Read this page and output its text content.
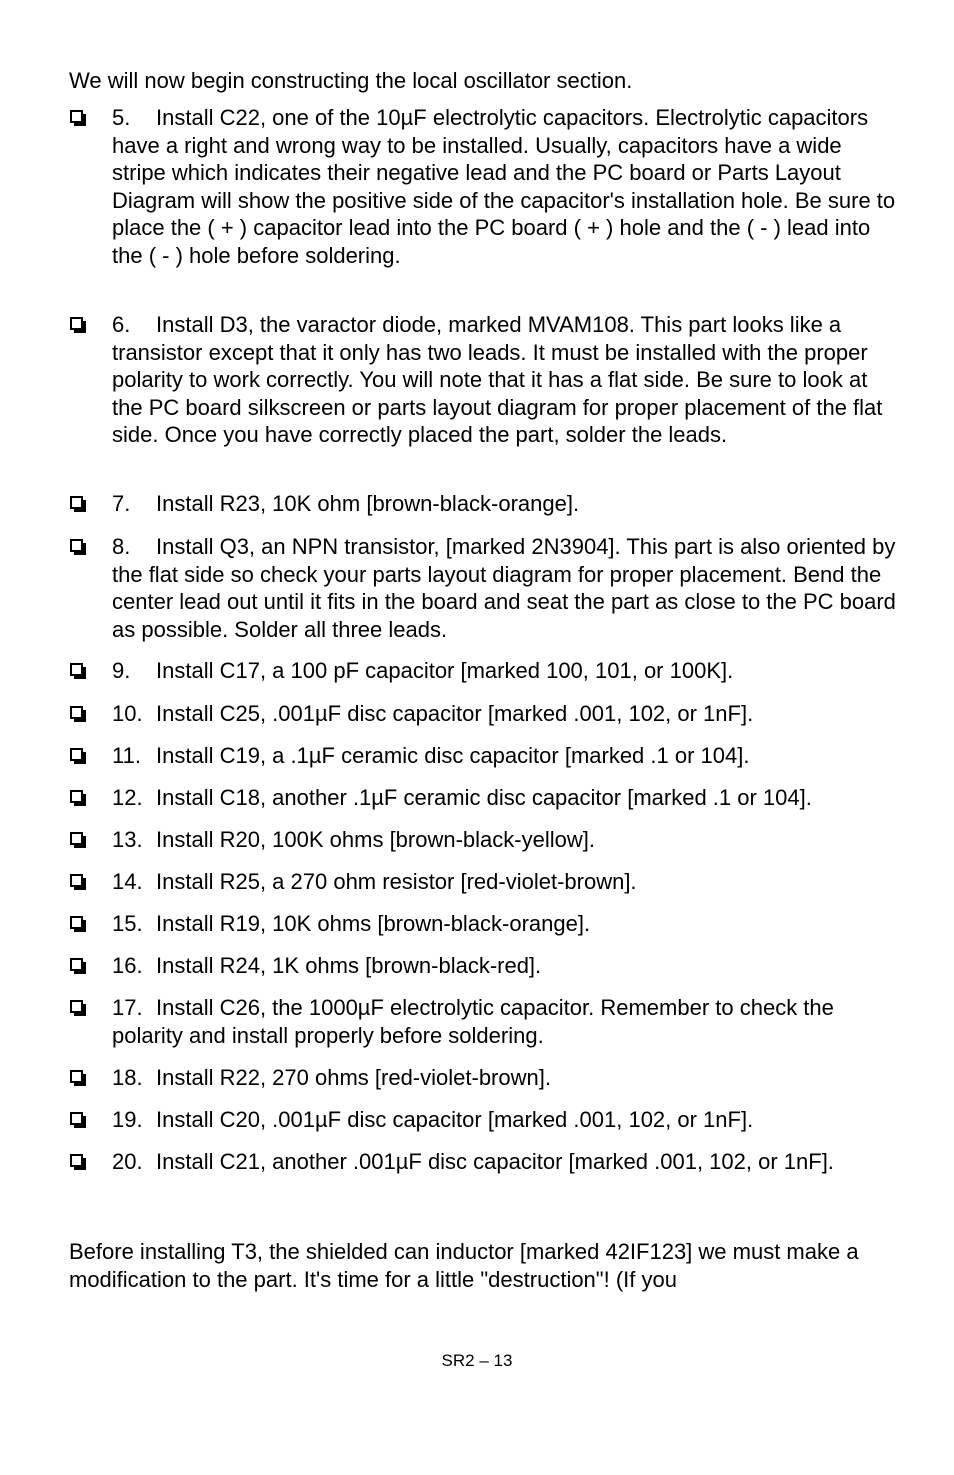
We will now begin constructing the local oscillator section.

5.	Install C22, one of the 10µF electrolytic capacitors. Electrolytic capacitors have a right and wrong way to be installed. Usually, capacitors have a wide stripe which indicates their negative lead and the PC board or Parts Layout Diagram will show the positive side of the capacitor's installation hole. Be sure to place the ( + ) capacitor lead into the PC board ( + ) hole and the ( - ) lead into the ( - ) hole before soldering.
6.	Install D3, the varactor diode, marked MVAM108. This part looks like a transistor except that it only has two leads. It must be installed with the proper polarity to work correctly. You will note that it has a flat side. Be sure to look at the PC board silkscreen or parts layout diagram for proper placement of the flat side. Once you have correctly placed the part, solder the leads.
7.	Install R23, 10K ohm [brown-black-orange].
8.	Install Q3, an NPN transistor, [marked 2N3904]. This part is also oriented by the flat side so check your parts layout diagram for proper placement. Bend the center lead out until it fits in the board and seat the part as close to the PC board as possible. Solder all three leads.
9.	Install C17, a 100 pF capacitor [marked 100, 101, or 100K].
10. Install C25, .001µF disc capacitor [marked .001, 102, or 1nF].
11. Install C19, a .1µF ceramic disc capacitor [marked .1 or 104].
12. Install C18, another .1µF ceramic disc capacitor [marked .1 or 104].
13. Install R20, 100K ohms [brown-black-yellow].
14. Install R25, a 270 ohm resistor [red-violet-brown].
15. Install R19, 10K ohms [brown-black-orange].
16. Install R24, 1K ohms [brown-black-red].
17. Install C26, the 1000µF electrolytic capacitor. Remember to check the polarity and install properly before soldering.
18. Install R22, 270 ohms [red-violet-brown].
19. Install C20, .001µF disc capacitor [marked .001, 102, or 1nF].
20. Install C21, another .001µF disc capacitor [marked .001, 102, or 1nF].

Before installing T3, the shielded can inductor [marked 42IF123] we must make a modification to the part. It's time for a little "destruction"! (If you

SR2 – 13
